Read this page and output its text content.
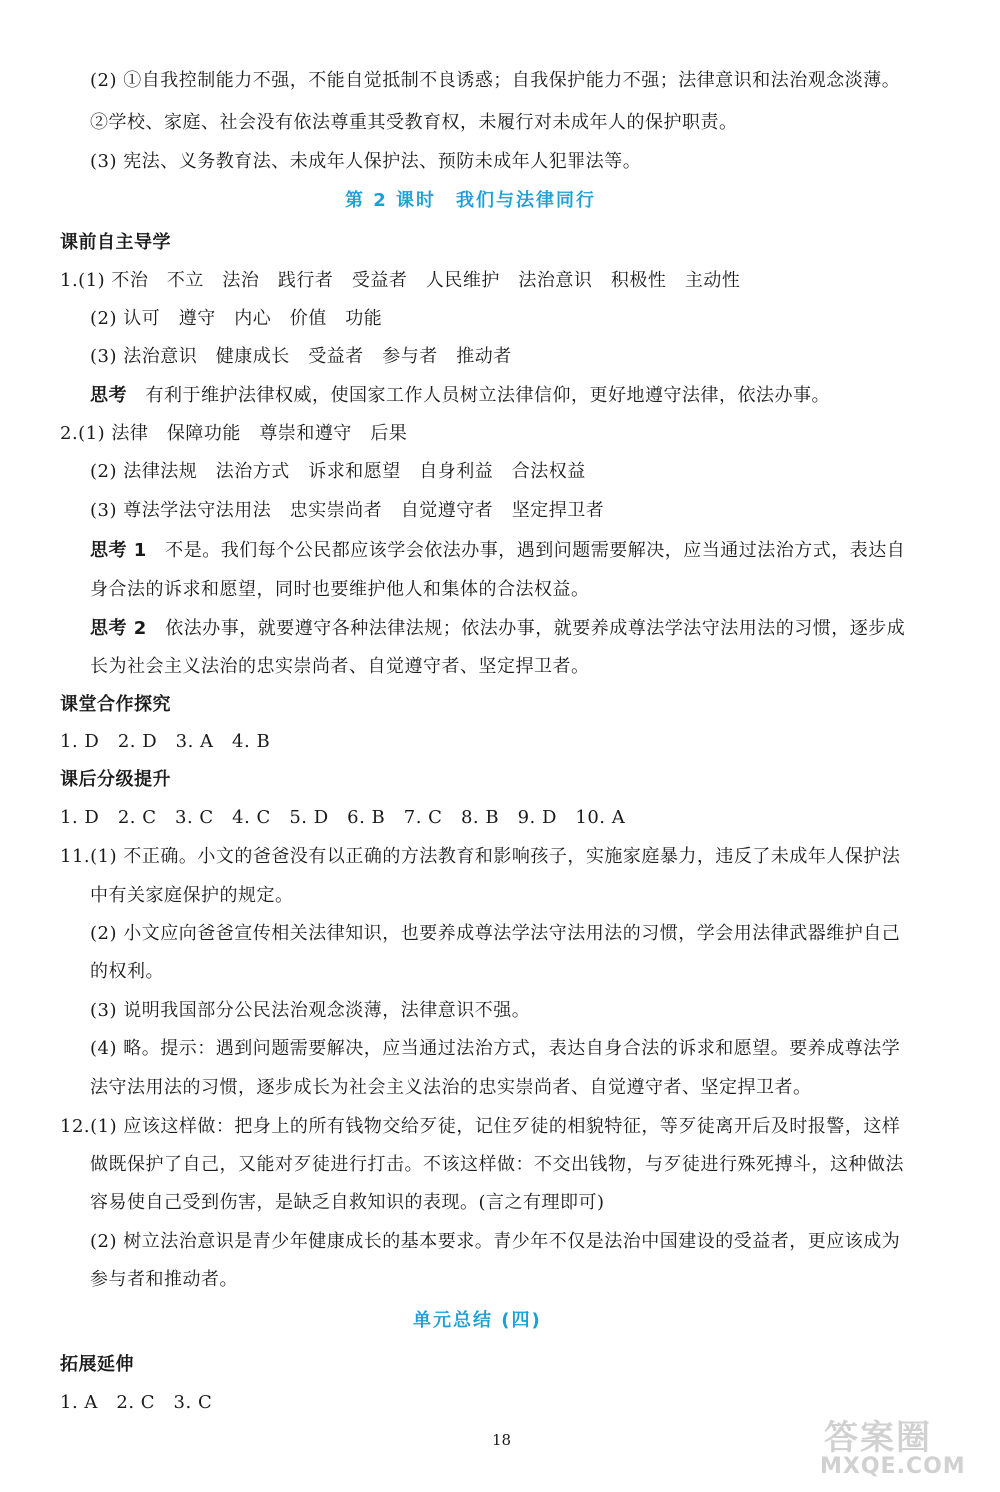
(2) ①自我控制能力不强，不能自觉抵制不良诱惑；自我保护能力不强；法律意识和法治观念淡薄。
②学校、家庭、社会没有依法尊重其受教育权，未履行对未成年人的保护职责。
(3) 宪法、义务教育法、未成年人保护法、预防未成年人犯罪法等。
第 2 课时　我们与法律同行
课前自主导学
1.(1) 不治　不立　法治　践行者　受益者　人民维护　法治意识　积极性　主动性
(2) 认可　遵守　内心　价值　功能
(3) 法治意识　健康成长　受益者　参与者　推动者
思考　 有利于维护法律权威，使国家工作人员树立法律信仰，更好地遵守法律，依法办事。
2.(1) 法律　保障功能　尊崇和遵守　后果
(2) 法律法规　法治方式　诉求和愿望　自身利益　合法权益
(3) 尊法学法守法用法　忠实崇尚者　自觉遵守者　坚定捍卫者
思考 1　 不是。我们每个公民都应该学会依法办事，遇到问题需要解决，应当通过法治方式，表达自
身合法的诉求和愿望，同时也要维护他人和集体的合法权益。
思考 2　 依法办事，就要遵守各种法律法规；依法办事，就要养成尊法学法守法用法的习惯，逐步成
长为社会主义法治的忠实崇尚者、自觉遵守者、坚定捍卫者。
课堂合作探究
1. D　2. D　3. A　4. B
课后分级提升
1. D　2. C　3. C　4. C　5. D　6. B　7. C　8. B　9. D　10. A
11.(1) 不正确。小文的爸爸没有以正确的方法教育和影响孩子，实施家庭暴力，违反了未成年人保护法
中有关家庭保护的规定。
(2) 小文应向爸爸宣传相关法律知识，也要养成尊法学法守法用法的习惯，学会用法律武器维护自己
的权利。
(3) 说明我国部分公民法治观念淡薄，法律意识不强。
(4) 略。提示：遇到问题需要解决，应当通过法治方式，表达自身合法的诉求和愿望。要养成尊法学
法守法用法的习惯，逐步成长为社会主义法治的忠实崇尚者、自觉遵守者、坚定捍卫者。
12.(1) 应该这样做：把身上的所有钱物交给歹徒，记住歹徒的相貌特征，等歹徒离开后及时报警，这样
做既保护了自己，又能对歹徒进行打击。不该这样做：不交出钱物，与歹徒进行殊死搏斗，这种做法
容易使自己受到伤害，是缺乏自救知识的表现。(言之有理即可)
(2) 树立法治意识是青少年健康成长的基本要求。青少年不仅是法治中国建设的受益者，更应该成为
参与者和推动者。
单元总结 (四)
拓展延伸
1. A　2. C　3. C
18	答案圈
MXQE.COM
